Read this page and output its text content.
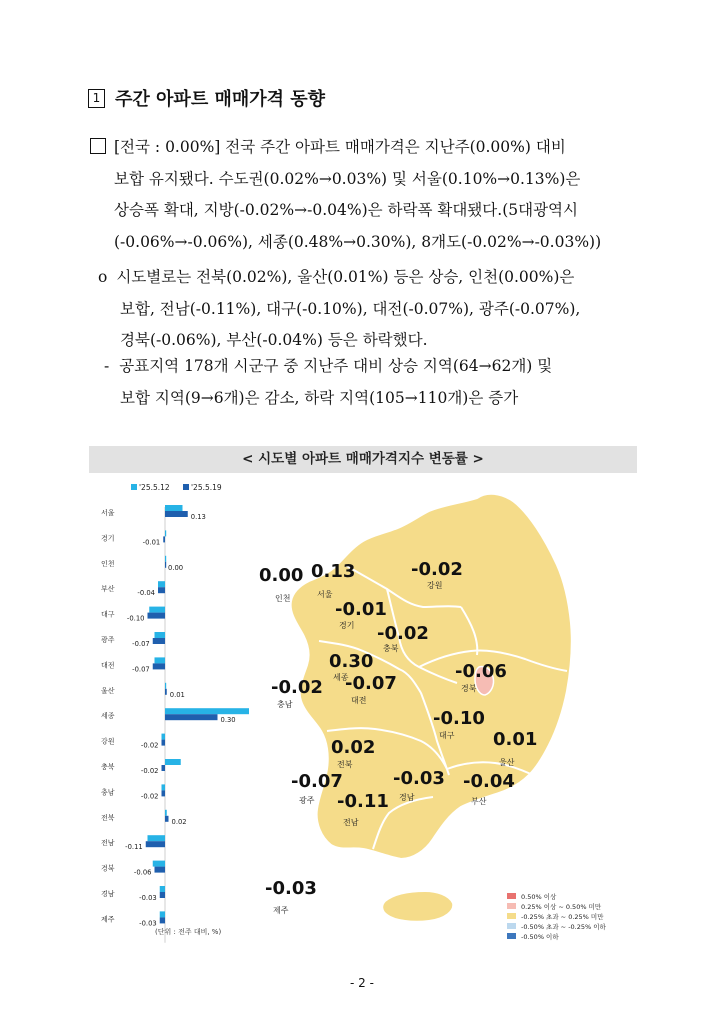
1 주간 아파트 매매가격 동향
[전국 : 0.00%] 전국 주간 아파트 매매가격은 지난주(0.00%) 대비
보합 유지됐다. 수도권(0.02%→0.03%) 및 서울(0.10%→0.13%)은
상승폭 확대, 지방(-0.02%→-0.04%)은 하락폭 확대됐다.(5대광역시
(-0.06%→-0.06%), 세종(0.48%→0.30%), 8개도(-0.02%→-0.03%))
o 시도별로는 전북(0.02%), 울산(0.01%) 등은 상승, 인천(0.00%)은
보합, 전남(-0.11%), 대구(-0.10%), 대전(-0.07%), 광주(-0.07%),
경북(-0.06%), 부산(-0.04%) 등은 하락했다.
- 공표지역 178개 시군구 중 지난주 대비 상승 지역(64→62개) 및
보합 지역(9→6개)은 감소, 하락 지역(105→110개)은 증가
< 시도별 아파트 매매가격지수 변동률 >
'25.5.12	'25.5.19
서울	0.13
경기	-0.01
인천	0.00
부산	-0.04
대구 -0.10
광주	-0.07
대전	-0.07
울산	0.01
세종	0.30
강원	-0.02
충북	-0.02
충남	-0.02
전북	0.02
전남 -0.11
경북	-0.06
경남	-0.03
제주	-0.03
(단위 : 전주 대비, %)
0.00
인천
0.13
서울
-0.01
경기
-0.02
강원
-0.02
충북
0.30
세종
-0.02
충남
-0.07
대전
-0.06
경북
-0.10
대구
0.02
전북
0.01
울산
-0.07
광주
-0.03
경남
-0.04
부산
-0.11
전남
-0.03
제주
0.50% 이상
0.25% 이상 ~ 0.50% 미만
-0.25% 초과 ~ 0.25% 미만
-0.50% 초과 ~ -0.25% 이하
-0.50% 이하
- 2 -
